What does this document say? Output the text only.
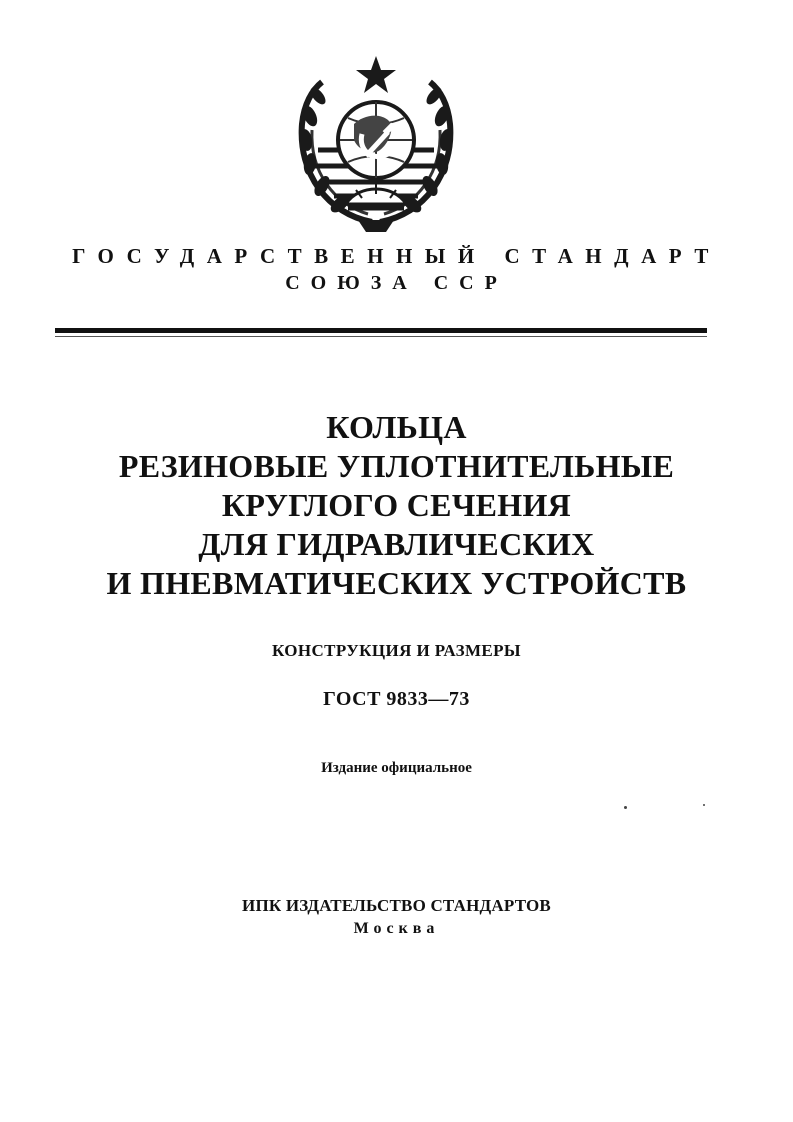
ГОСУДАРСТВЕННЫЙ СТАНДАРТ
СОЮЗА ССР
КОЛЬЦА
РЕЗИНОВЫЕ УПЛОТНИТЕЛЬНЫЕ
КРУГЛОГО СЕЧЕНИЯ
ДЛЯ ГИДРАВЛИЧЕСКИХ
И ПНЕВМАТИЧЕСКИХ УСТРОЙСТВ
КОНСТРУКЦИЯ И РАЗМЕРЫ
ГОСТ 9833—73
Издание официальное
ИПК ИЗДАТЕЛЬСТВО СТАНДАРТОВ
Москва
